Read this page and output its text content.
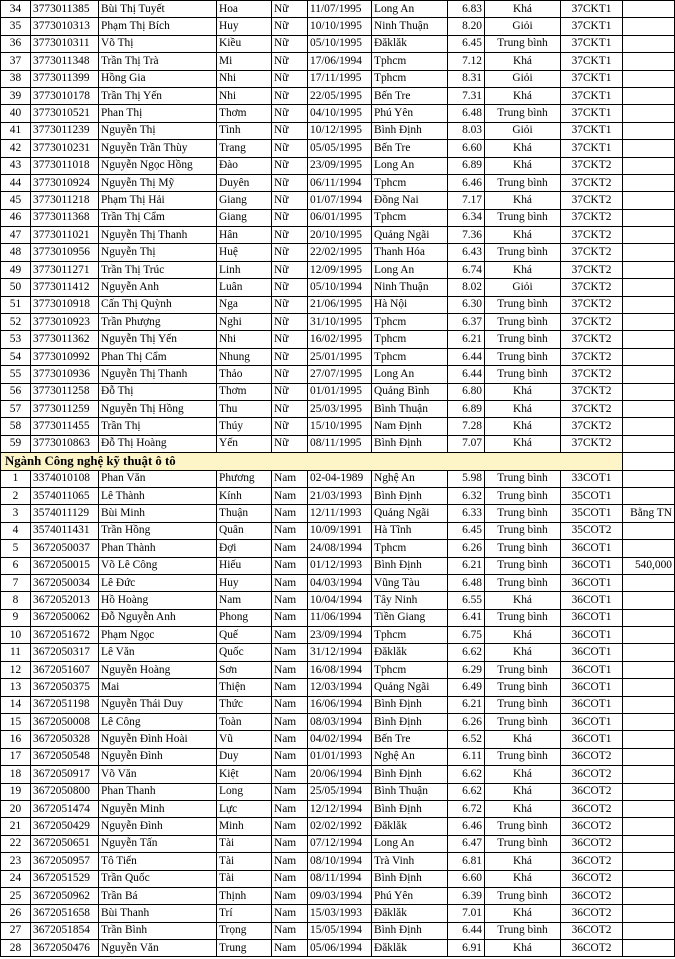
34	3773011385	Bùi Thị Tuyết	Hoa	Nữ	11/07/1995	Long An	6.83	Khá	37CKT1	
35	3773010313	Phạm Thị Bích	Huy	Nữ	10/10/1995	Ninh Thuận	8.20	Giỏi	37CKT1	
36	3773010311	Võ Thị	Kiều	Nữ	05/10/1995	Đăklăk	6.45	Trung bình	37CKT1	
37	3773011348	Trần Thị Trà	Mi	Nữ	17/06/1994	Tphcm	7.12	Khá	37CKT1	
38	3773011399	Hồng Gia	Nhi	Nữ	17/11/1995	Tphcm	8.31	Giỏi	37CKT1	
39	3773010178	Trần Thị Yến	Nhi	Nữ	22/05/1995	Bến Tre	7.31	Khá	37CKT1	
40	3773010521	Phan Thị	Thơm	Nữ	04/10/1995	Phú Yên	6.48	Trung bình	37CKT1	
41	3773011239	Nguyễn Thị	Tình	Nữ	10/12/1995	Bình Định	8.03	Giỏi	37CKT1	
42	3773010231	Nguyễn Trần Thùy	Trang	Nữ	05/05/1995	Bến Tre	6.60	Khá	37CKT1	
43	3773011018	Nguyễn Ngọc Hồng	Đào	Nữ	23/09/1995	Long An	6.89	Khá	37CKT2	
44	3773010924	Nguyễn Thị Mỹ	Duyên	Nữ	06/11/1994	Tphcm	6.46	Trung bình	37CKT2	
45	3773011218	Phạm Thị Hải	Giang	Nữ	01/07/1994	Đồng Nai	7.17	Khá	37CKT2	
46	3773011368	Trần Thị Cẩm	Giang	Nữ	06/01/1995	Tphcm	6.34	Trung bình	37CKT2	
47	3773011021	Nguyễn Thị Thanh	Hân	Nữ	20/10/1995	Quảng Ngãi	7.36	Khá	37CKT2	
48	3773010956	Nguyễn Thị	Huệ	Nữ	22/02/1995	Thanh Hóa	6.43	Trung bình	37CKT2	
49	3773011271	Trần Thị Trúc	Linh	Nữ	12/09/1995	Long An	6.74	Khá	37CKT2	
50	3773011412	Nguyễn Anh	Luân	Nữ	05/10/1994	Ninh Thuận	8.02	Giỏi	37CKT2	
51	3773010918	Cấn Thị Quỳnh	Nga	Nữ	21/06/1995	Hà Nội	6.30	Trung bình	37CKT2	
52	3773010923	Trần Phượng	Nghi	Nữ	31/10/1995	Tphcm	6.37	Trung bình	37CKT2	
53	3773011362	Nguyễn Thị Yến	Nhi	Nữ	16/02/1995	Tphcm	6.21	Trung bình	37CKT2	
54	3773010992	Phan Thị Cẩm	Nhung	Nữ	25/01/1995	Tphcm	6.44	Trung bình	37CKT2	
55	3773010936	Nguyễn Thị Thanh	Thảo	Nữ	27/07/1995	Long An	6.44	Trung bình	37CKT2	
56	3773011258	Đỗ Thị	Thơm	Nữ	01/01/1995	Quảng Bình	6.80	Khá	37CKT2	
57	3773011259	Nguyễn Thị Hồng	Thu	Nữ	25/03/1995	Bình Thuận	6.89	Khá	37CKT2	
58	3773011455	Trần Thị	Thúy	Nữ	15/10/1995	Nam Định	7.28	Khá	37CKT2	
59	3773010863	Đỗ Thị Hoàng	Yến	Nữ	08/11/1995	Bình Định	7.07	Khá	37CKT2	
Ngành Công nghệ kỹ thuật ô tô										
1	3374010108	Phan Văn	Phương	Nam	02-04-1989	Nghệ An	5.98	Trung bình	33COT1	
2	3574011065	Lê Thành	Kính	Nam	21/03/1993	Bình Định	6.32	Trung bình	35COT1	
3	3574011129	Bùi Minh	Thuận	Nam	12/11/1993	Quảng Ngãi	6.33	Trung bình	35COT1	Bằng TN
4	3574011431	Trần Hồng	Quân	Nam	10/09/1991	Hà Tĩnh	6.45	Trung bình	35COT2	
5	3672050037	Phan Thành	Đợi	Nam	24/08/1994	Tphcm	6.26	Trung bình	36COT1	
6	3672050015	Võ Lê Công	Hiếu	Nam	01/12/1993	Bình Định	6.21	Trung bình	36COT1	540,000
7	3672050034	Lê Đức	Huy	Nam	04/03/1994	Vũng Tàu	6.48	Trung bình	36COT1	
8	3672052013	Hồ Hoàng	Nam	Nam	10/04/1994	Tây Ninh	6.55	Khá	36COT1	
9	3672050062	Đỗ Nguyễn Anh	Phong	Nam	11/06/1994	Tiền Giang	6.41	Trung bình	36COT1	
10	3672051672	Phạm Ngọc	Quế	Nam	23/09/1994	Tphcm	6.75	Khá	36COT1	
11	3672050317	Lê Văn	Quốc	Nam	31/12/1994	Đăklăk	6.62	Khá	36COT1	
12	3672051607	Nguyễn Hoàng	Sơn	Nam	16/08/1994	Tphcm	6.29	Trung bình	36COT1	
13	3672050375	Mai	Thiện	Nam	12/03/1994	Quảng Ngãi	6.49	Trung bình	36COT1	
14	3672051198	Nguyễn Thái Duy	Thức	Nam	16/06/1994	Bình Định	6.21	Trung bình	36COT1	
15	3672050008	Lê Công	Toàn	Nam	08/03/1994	Bình Định	6.26	Trung bình	36COT1	
16	3672050328	Nguyễn Đình Hoài	Vũ	Nam	04/02/1994	Bến Tre	6.52	Khá	36COT1	
17	3672050548	Nguyễn Đình	Duy	Nam	01/01/1993	Nghệ An	6.11	Trung bình	36COT2	
18	3672050917	Võ Văn	Kiệt	Nam	20/06/1994	Bình Định	6.62	Khá	36COT2	
19	3672050800	Phan Thanh	Long	Nam	25/05/1994	Bình Thuận	6.62	Khá	36COT2	
20	3672051474	Nguyễn Minh	Lực	Nam	12/12/1994	Bình Định	6.72	Khá	36COT2	
21	3672050429	Nguyễn Đình	Minh	Nam	02/02/1992	Đăklăk	6.46	Trung bình	36COT2	
22	3672050651	Nguyễn Tấn	Tài	Nam	07/12/1994	Long An	6.47	Trung bình	36COT2	
23	3672050957	Tô Tiến	Tài	Nam	08/10/1994	Trà Vinh	6.81	Khá	36COT2	
24	3672051529	Trần Quốc	Tài	Nam	08/11/1994	Bình Định	6.60	Khá	36COT2	
25	3672050962	Trần Bá	Thịnh	Nam	09/03/1994	Phú Yên	6.39	Trung bình	36COT2	
26	3672051658	Bùi Thanh	Trí	Nam	15/03/1993	Đăklăk	7.01	Khá	36COT2	
27	3672051854	Trần Bình	Trọng	Nam	15/05/1994	Bình Định	6.44	Trung bình	36COT2	
28	3672050476	Nguyễn Văn	Trung	Nam	05/06/1994	Đăklăk	6.91	Khá	36COT2	
